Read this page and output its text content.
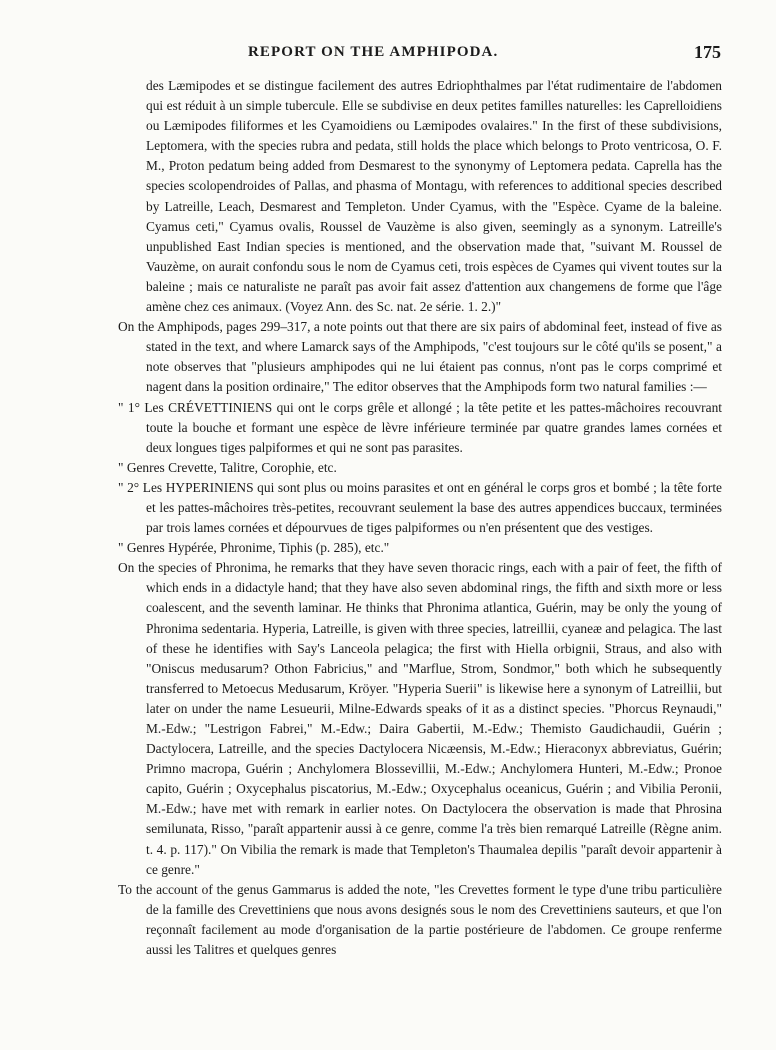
REPORT ON THE AMPHIPODA.	175

des Læmipodes et se distingue facilement des autres Edriophthalmes par l'état rudimentaire de l'abdomen qui est réduit à un simple tubercule. Elle se subdivise en deux petites familles naturelles: les Caprelloidiens ou Læmipodes filiformes et les Cyamoidiens ou Læmipodes ovalaires." In the first of these subdivisions, Leptomera, with the species rubra and pedata, still holds the place which belongs to Proto ventricosa, O. F. M., Proton pedatum being added from Desmarest to the synonymy of Leptomera pedata. Caprella has the species scolopendroides of Pallas, and phasma of Montagu, with references to additional species described by Latreille, Leach, Desmarest and Templeton. Under Cyamus, with the "Espèce. Cyame de la baleine. Cyamus ceti," Cyamus ovalis, Roussel de Vauzème is also given, seemingly as a synonym. Latreille's unpublished East Indian species is mentioned, and the observation made that, "suivant M. Roussel de Vauzème, on aurait confondu sous le nom de Cyamus ceti, trois espèces de Cyames qui vivent toutes sur la baleine ; mais ce naturaliste ne paraît pas avoir fait assez d'attention aux changemens de forme que l'âge amène chez ces animaux. (Voyez Ann. des Sc. nat. 2e série. 1. 2.)"

On the Amphipods, pages 299–317, a note points out that there are six pairs of abdominal feet, instead of five as stated in the text, and where Lamarck says of the Amphipods, "c'est toujours sur le côté qu'ils se posent," a note observes that "plusieurs amphipodes qui ne lui étaient pas connus, n'ont pas le corps comprimé et nagent dans la position ordinaire," The editor observes that the Amphipods form two natural families :—

" 1° Les CRÉVETTINIENS qui ont le corps grêle et allongé ; la tête petite et les pattes-mâchoires recouvrant toute la bouche et formant une espèce de lèvre inférieure terminée par quatre grandes lames cornées et deux longues tiges palpiformes et qui ne sont pas parasites.

" Genres Crevette, Talitre, Corophie, etc.

" 2° Les HYPERINIENS qui sont plus ou moins parasites et ont en général le corps gros et bombé ; la tête forte et les pattes-mâchoires très-petites, recouvrant seulement la base des autres appendices buccaux, terminées par trois lames cornées et dépourvues de tiges palpiformes ou n'en présentent que des vestiges.

" Genres Hypérée, Phronime, Tiphis (p. 285), etc."

On the species of Phronima, he remarks that they have seven thoracic rings, each with a pair of feet, the fifth of which ends in a didactyle hand; that they have also seven abdominal rings, the fifth and sixth more or less coalescent, and the seventh laminar. He thinks that Phronima atlantica, Guérin, may be only the young of Phronima sedentaria. Hyperia, Latreille, is given with three species, latreillii, cyaneæ and pelagica. The last of these he identifies with Say's Lanceola pelagica; the first with Hiella orbignii, Straus, and also with "Oniscus medusarum? Othon Fabricius," and "Marflue, Strom, Sondmor," both which he subsequently transferred to Metoecus Medusarum, Kröyer. "Hyperia Suerii" is likewise here a synonym of Latreillii, but later on under the name Lesueurii, Milne-Edwards speaks of it as a distinct species. "Phorcus Reynaudi," M.-Edw.; "Lestrigon Fabrei," M.-Edw.; Daira Gabertii, M.-Edw.; Themisto Gaudichaudii, Guérin ; Dactylocera, Latreille, and the species Dactylocera Nicæensis, M.-Edw.; Hieraconyx abbreviatus, Guérin; Primno macropa, Guérin ; Anchylomera Blossevillii, M.-Edw.; Anchylomera Hunteri, M.-Edw.; Pronoe capito, Guérin ; Oxycephalus piscatorius, M.-Edw.; Oxycephalus oceanicus, Guérin ; and Vibilia Peronii, M.-Edw.; have met with remark in earlier notes. On Dactylocera the observation is made that Phrosina semilunata, Risso, "paraît appartenir aussi à ce genre, comme l'a très bien remarqué Latreille (Règne anim. t. 4. p. 117)." On Vibilia the remark is made that Templeton's Thaumalea depilis "paraît devoir appartenir à ce genre."

To the account of the genus Gammarus is added the note, "les Crevettes forment le type d'une tribu particulière de la famille des Crevettiniens que nous avons designés sous le nom des Crevettiniens sauteurs, et que l'on reçonnaît facilement au mode d'organisation de la partie postérieure de l'abdomen. Ce groupe renferme aussi les Talitres et quelques genres
